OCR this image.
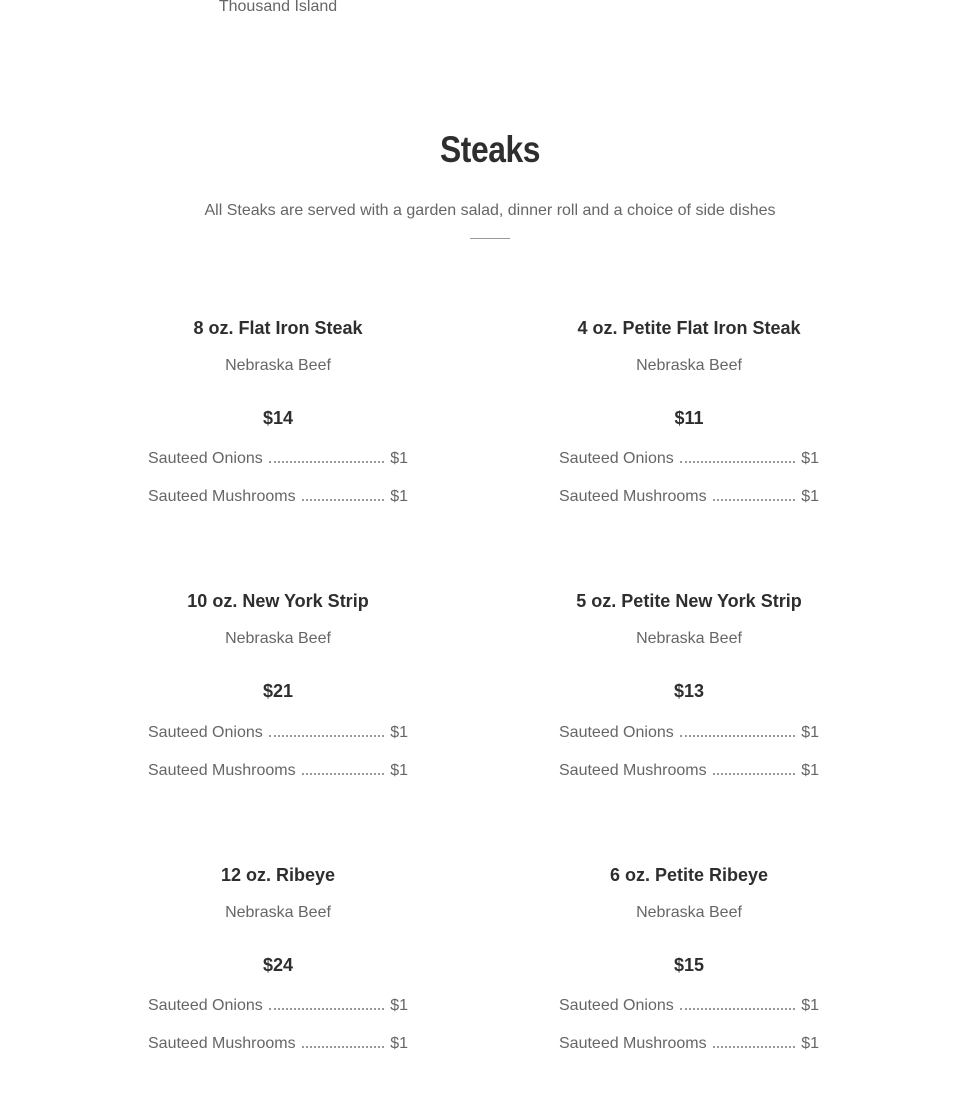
Thousand Island
Steaks
All Steaks are served with a garden salad, dinner roll and a choice of side dishes
8 oz. Flat Iron Steak
Nebraska Beef
$14
Sauteed Onions	$1
Sauteed Mushrooms	$1
4 oz. Petite Flat Iron Steak
Nebraska Beef
$11
Sauteed Onions	$1
Sauteed Mushrooms	$1
10 oz. New York Strip
Nebraska Beef
$21
Sauteed Onions	$1
Sauteed Mushrooms	$1
5 oz. Petite New York Strip
Nebraska Beef
$13
Sauteed Onions	$1
Sauteed Mushrooms	$1
12 oz. Ribeye
Nebraska Beef
$24
Sauteed Onions	$1
Sauteed Mushrooms	$1
6 oz. Petite Ribeye
Nebraska Beef
$15
Sauteed Onions	$1
Sauteed Mushrooms	$1
